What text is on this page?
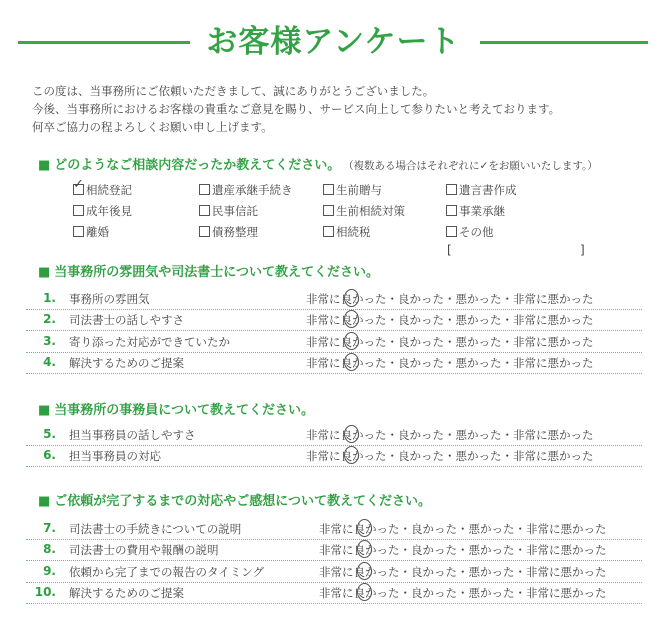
お客様アンケート
この度は、当事務所にご依頼いただきまして、誠にありがとうございました。
今後、当事務所におけるお客様の貴重なご意見を賜り、サービス向上して参りたいと考えております。
何卒ご協力の程よろしくお願い申し上げます。
■ どのようなご相談内容だったか教えてください。 （複数ある場合はそれぞれに✓をお願いいたします。）
✓ 相続登記	遺産承継手続き	生前贈与	遺言書作成
成年後見	民事信託	生前相続対策	事業承継
離婚	債務整理	相続税	その他
[	]
■ 当事務所の雰囲気や司法書士について教えてください。
1. 事務所の雰囲気	非常に良かった・良かった・悪かった・非常に悪かった
2. 司法書士の話しやすさ	非常に良かった・良かった・悪かった・非常に悪かった
3. 寄り添った対応ができていたか	非常に良かった・良かった・悪かった・非常に悪かった
4. 解決するためのご提案	非常に良かった・良かった・悪かった・非常に悪かった
■ 当事務所の事務員について教えてください。
5. 担当事務員の話しやすさ	非常に良かった・良かった・悪かった・非常に悪かった
6. 担当事務員の対応	非常に良かった・良かった・悪かった・非常に悪かった
■ ご依頼が完了するまでの対応やご感想について教えてください。
7. 司法書士の手続きについての説明	非常に良かった・良かった・悪かった・非常に悪かった
8. 司法書士の費用や報酬の説明	非常に良かった・良かった・悪かった・非常に悪かった
9. 依頼から完了までの報告のタイミング	非常に良かった・良かった・悪かった・非常に悪かった
10. 解決するためのご提案	非常に良かった・良かった・悪かった・非常に悪かった
